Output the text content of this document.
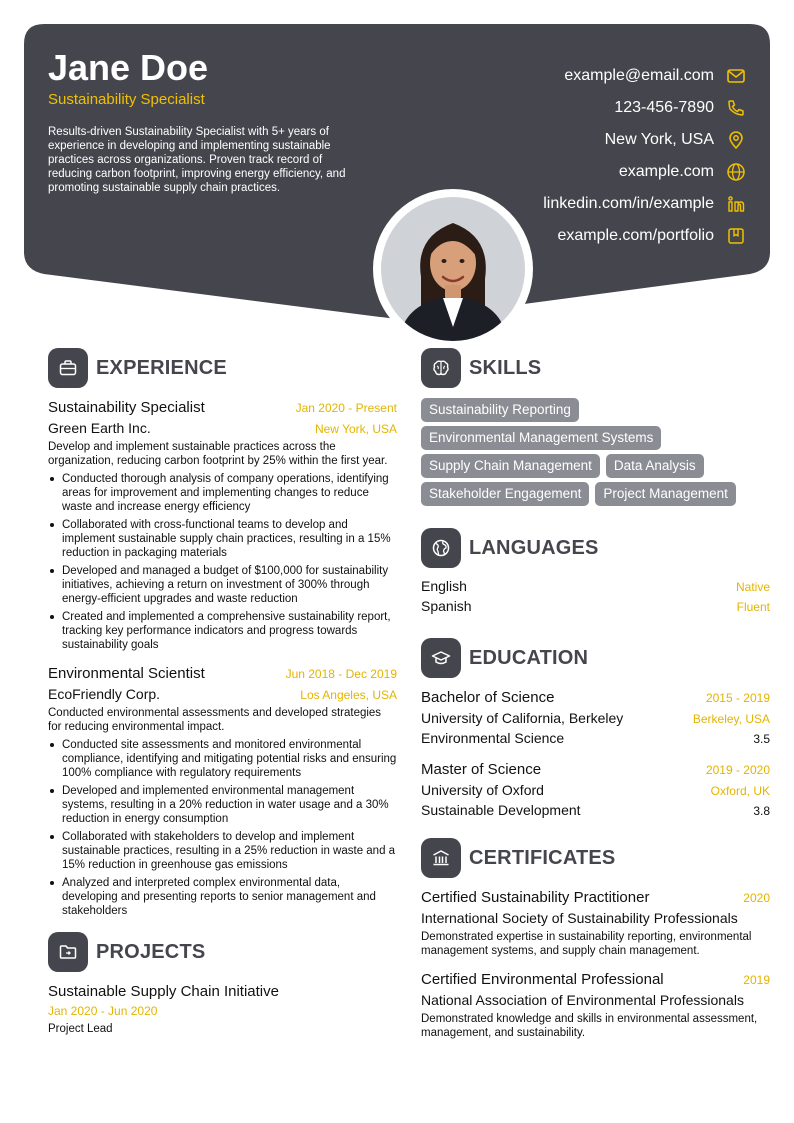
Jane Doe
Sustainability Specialist
Results-driven Sustainability Specialist with 5+ years of experience in developing and implementing sustainable practices across organizations. Proven track record of reducing carbon footprint, improving energy efficiency, and promoting sustainable supply chain practices.
example@email.com
123-456-7890
New York, USA
example.com
linkedin.com/in/example
example.com/portfolio
EXPERIENCE
Sustainability Specialist	Jan 2020 - Present
Green Earth Inc.	New York, USA
Develop and implement sustainable practices across the organization, reducing carbon footprint by 25% within the first year.
Conducted thorough analysis of company operations, identifying areas for improvement and implementing changes to reduce waste and increase energy efficiency
Collaborated with cross-functional teams to develop and implement sustainable supply chain practices, resulting in a 15% reduction in packaging materials
Developed and managed a budget of $100,000 for sustainability initiatives, achieving a return on investment of 300% through energy-efficient upgrades and waste reduction
Created and implemented a comprehensive sustainability report, tracking key performance indicators and progress towards sustainability goals
Environmental Scientist	Jun 2018 - Dec 2019
EcoFriendly Corp.	Los Angeles, USA
Conducted environmental assessments and developed strategies for reducing environmental impact.
Conducted site assessments and monitored environmental compliance, identifying and mitigating potential risks and ensuring 100% compliance with regulatory requirements
Developed and implemented environmental management systems, resulting in a 20% reduction in water usage and a 30% reduction in energy consumption
Collaborated with stakeholders to develop and implement sustainable practices, resulting in a 25% reduction in waste and a 15% reduction in greenhouse gas emissions
Analyzed and interpreted complex environmental data, developing and presenting reports to senior management and stakeholders
PROJECTS
Sustainable Supply Chain Initiative
Jan 2020 - Jun 2020
Project Lead
SKILLS
Sustainability Reporting
Environmental Management Systems
Supply Chain Management	Data Analysis
Stakeholder Engagement	Project Management
LANGUAGES
English	Native
Spanish	Fluent
EDUCATION
Bachelor of Science	2015 - 2019
University of California, Berkeley	Berkeley, USA
Environmental Science	3.5
Master of Science	2019 - 2020
University of Oxford	Oxford, UK
Sustainable Development	3.8
CERTIFICATES
Certified Sustainability Practitioner	2020
International Society of Sustainability Professionals
Demonstrated expertise in sustainability reporting, environmental management systems, and supply chain management.
Certified Environmental Professional	2019
National Association of Environmental Professionals
Demonstrated knowledge and skills in environmental assessment, management, and sustainability.
